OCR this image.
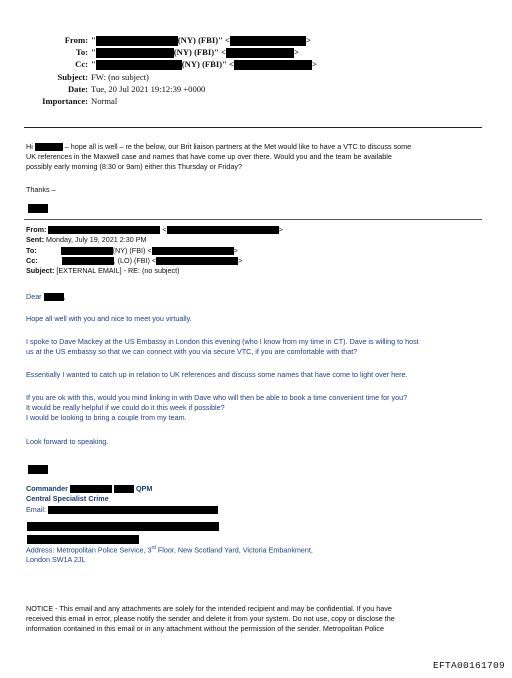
From: "	(NY) (FBI)" <	>
To: "	(NY) (FBI)" <	>
Cc: "	(NY) (FBI)" <	>
Subject: FW: (no subject)
Date: Tue, 20 Jul 2021 19:12:39 +0000
Importance: Normal
Hi	– hope all is well – re the below, our Brit liaison partners at the Met would like to have a VTC to discuss some
UK references in the Maxwell case and names that have come up over there. Would you and the team be available
possibly early morning (8:30 or 9am) either this Thursday or Friday?
Thanks –
From:	<	>
Sent: Monday, July 19, 2021 2:30 PM
To:	(NY) (FBI) <	>
Cc:	, (LO) (FBI) <	>
Subject: [EXTERNAL EMAIL] - RE: (no subject)
Dear	,
Hope all well with you and nice to meet you virtually.
I spoke to Dave Mackey at the US Embassy in London this evening (who I know from my time in CT). Dave is willing to host
us at the US embassy so that we can connect with you via secure VTC, if you are comfortable with that?
Essentially I wanted to catch up in relation to UK references and discuss some names that have come to light over here.
If you are ok with this, would you mind linking in with Dave who will then be able to book a time convenient time for you?
It would be really helpful if we could do it this week if possible?
I would be looking to bring a couple from my team.
Look forward to speaking.
Commander	QPM
Central Specialist Crime
Email:
Address: Metropolitan Police Service, 3rd Floor, New Scotland Yard, Victoria Embankment,
London SW1A 2JL
NOTICE - This email and any attachments are solely for the intended recipient and may be confidential. If you have
received this email in error, please notify the sender and delete it from your system. Do not use, copy or disclose the
information contained in this email or in any attachment without the permission of the sender. Metropolitan Police
EFTA00161709
